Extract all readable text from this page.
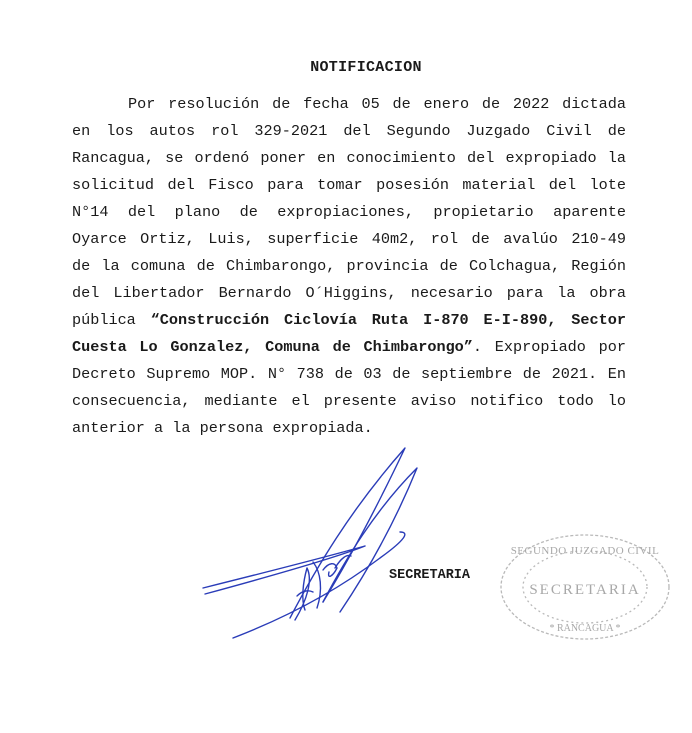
NOTIFICACION
Por resolución de fecha 05 de enero de 2022 dictada
en los autos rol 329-2021 del Segundo Juzgado Civil de
Rancagua, se ordenó poner en conocimiento del expropiado la
solicitud del Fisco para tomar posesión material del lote
N°14 del plano de expropiaciones, propietario aparente
Oyarce Ortiz, Luis, superficie 40m2, rol de avalúo 210-49
de la comuna de Chimbarongo, provincia de Colchagua, Región
del Libertador Bernardo O´Higgins, necesario para la obra
pública “Construcción Ciclovía Ruta I-870 E-I-890, Sector
Cuesta Lo Gonzalez, Comuna de Chimbarongo”. Expropiado por
Decreto Supremo MOP. N° 738 de 03 de septiembre de 2021. En
consecuencia, mediante el presente aviso notifico todo lo
anterior a la persona expropiada.
SECRETARIA
SEGUNDO JUZGADO CIVIL
SECRETARIA
* RANCAGUA *
